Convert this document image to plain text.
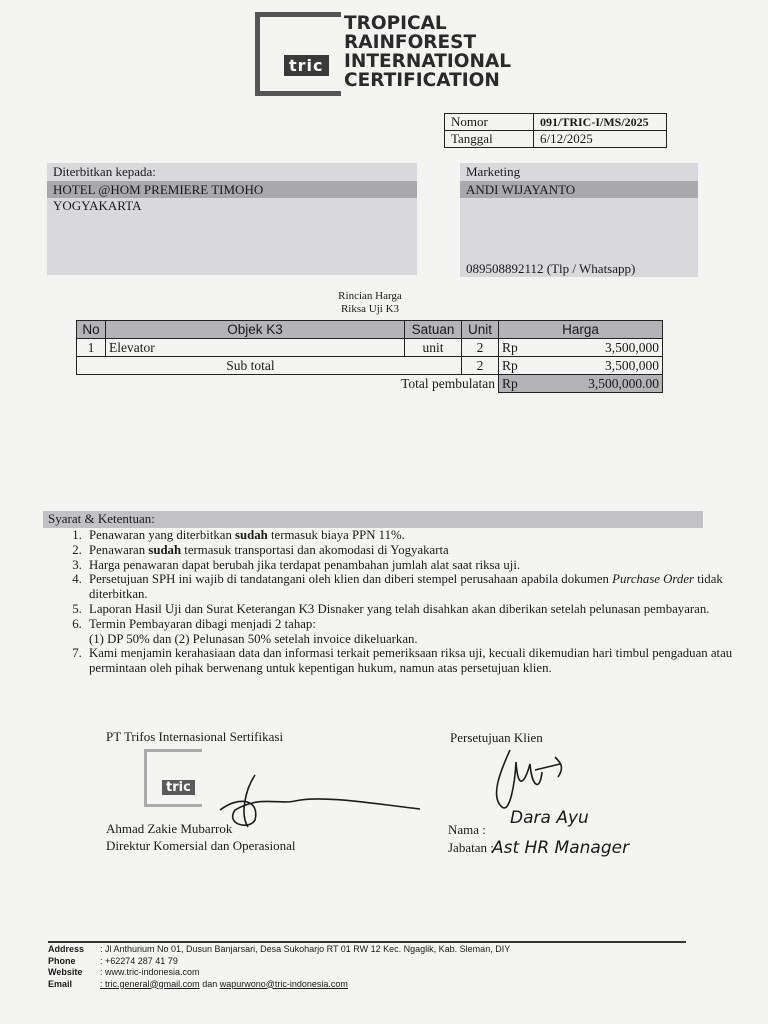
tric
TROPICAL
RAINFOREST
INTERNATIONAL
CERTIFICATION
Nomor	091/TRIC-I/MS/2025
Tanggal	6/12/2025
Diterbitkan kepada:
HOTEL @HOM PREMIERE TIMOHO
YOGYAKARTA
Marketing
ANDI WIJAYANTO
089508892112 (Tlp / Whatsapp)
Rincian Harga
Riksa Uji K3
No	Objek K3	Satuan	Unit	Harga	
1	Elevator	unit	2	Rp	3,500,000
Sub total			2	Rp	3,500,000
Total pembulatan				Rp	3,500,000.00
Syarat & Ketentuan:
1. Penawaran yang diterbitkan sudah termasuk biaya PPN 11%.
2. Penawaran sudah termasuk transportasi dan akomodasi di Yogyakarta
3. Harga penawaran dapat berubah jika terdapat penambahan jumlah alat saat riksa uji.
4. Persetujuan SPH ini wajib di tandatangani oleh klien dan diberi stempel perusahaan apabila dokumen Purchase Order tidak diterbitkan.
5. Laporan Hasil Uji dan Surat Keterangan K3 Disnaker yang telah disahkan akan diberikan setelah pelunasan pembayaran.
6. Termin Pembayaran dibagi menjadi 2 tahap:
(1) DP 50% dan (2) Pelunasan 50% setelah invoice dikeluarkan.
7. Kami menjamin kerahasiaan data dan informasi terkait pemeriksaan riksa uji, kecuali dikemudian hari timbul pengaduan atau permintaan oleh pihak berwenang untuk kepentigan hukum, namun atas persetujuan klien.
PT Trifos Internasional Sertifikasi
tric
Ahmad Zakie Mubarrok
Direktur Komersial dan Operasional
Persetujuan Klien
Nama :
Dara Ayu
Jabatan :
Ast HR Manager
Address : Jl Anthurium No 01, Dusun Banjarsari, Desa Sukoharjo RT 01 RW 12 Kec. Ngaglik, Kab. Sleman, DIY
Phone	: +62274 287 41 79
Website : www.tric-indonesia.com
Email	: tric.general@gmail.com dan wapurwono@tric-indonesia.com
